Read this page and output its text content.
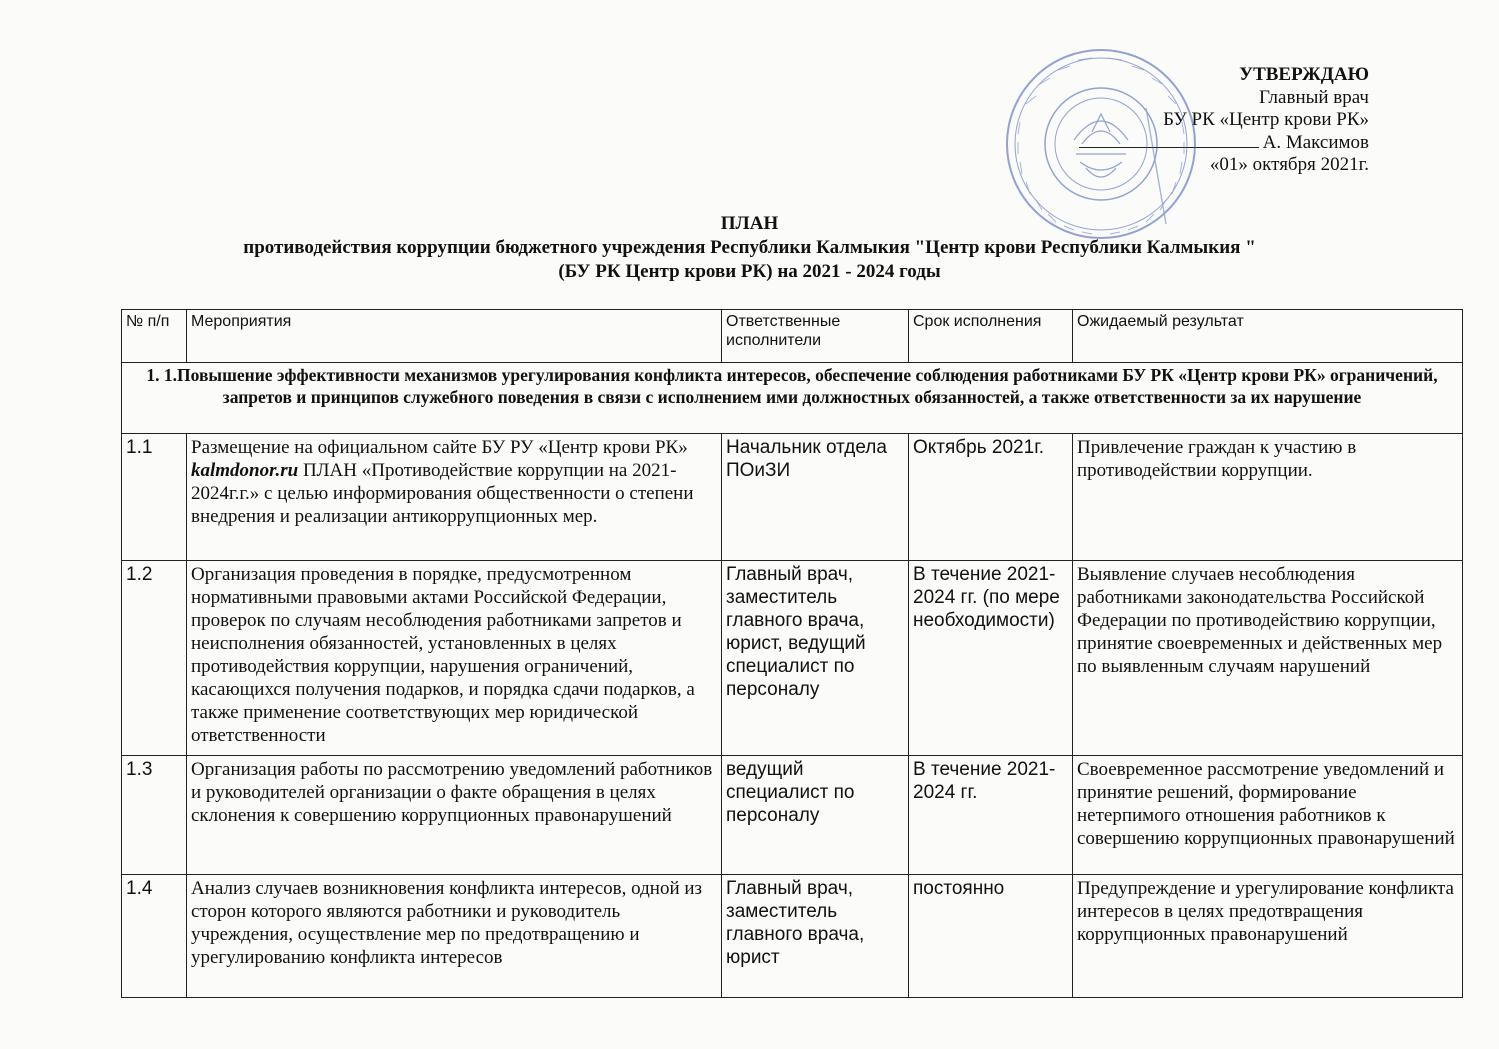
УТВЕРЖДАЮ
Главный врач
БУ РК «Центр крови РК»
А. Максимов
«01» октября 2021г.
ПЛАН
противодействия коррупции бюджетного учреждения Республики Калмыкия "Центр крови Республики Калмыкия "
(БУ РК Центр крови РК) на 2021 - 2024 годы
№ п/п	Мероприятия	Ответственные исполнители	Срок исполнения	Ожидаемый результат
1. 1.Повышение эффективности механизмов урегулирования конфликта интересов, обеспечение соблюдения работниками БУ РК «Центр крови РК» ограничений, запретов и принципов служебного поведения в связи с исполнением ими должностных обязанностей, а также ответственности за их нарушение				
1.1	Размещение на официальном сайте БУ РУ «Центр крови РК» kalmdonor.ru ПЛАН «Противодействие коррупции на 2021-2024г.г.» с целью информирования общественности о степени внедрения и реализации антикоррупционных мер.	Начальник отдела ПОиЗИ	Октябрь 2021г.	Привлечение граждан к участию в противодействии коррупции.
1.2	Организация проведения в порядке, предусмотренном нормативными правовыми актами Российской Федерации, проверок по случаям несоблюдения работниками запретов и неисполнения обязанностей, установленных в целях противодействия коррупции, нарушения ограничений, касающихся получения подарков, и порядка сдачи подарков, а также применение соответствующих мер юридической ответственности	Главный врач, заместитель главного врача, юрист, ведущий специалист по персоналу	В течение 2021-2024 гг. (по мере необходимости)	Выявление случаев несоблюдения работниками законодательства Российской Федерации по противодействию коррупции, принятие своевременных и действенных мер по выявленным случаям нарушений
1.3	Организация работы по рассмотрению уведомлений работников и руководителей организации о факте обращения в целях склонения к совершению коррупционных правонарушений	ведущий специалист по персоналу	В течение 2021-2024 гг.	Своевременное рассмотрение уведомлений и принятие решений, формирование нетерпимого отношения работников к совершению коррупционных правонарушений
1.4	Анализ случаев возникновения конфликта интересов, одной из сторон которого являются работники и руководитель учреждения, осуществление мер по предотвращению и урегулированию конфликта интересов	Главный врач, заместитель главного врача, юрист	постоянно	Предупреждение и урегулирование конфликта интересов в целях предотвращения коррупционных правонарушений
